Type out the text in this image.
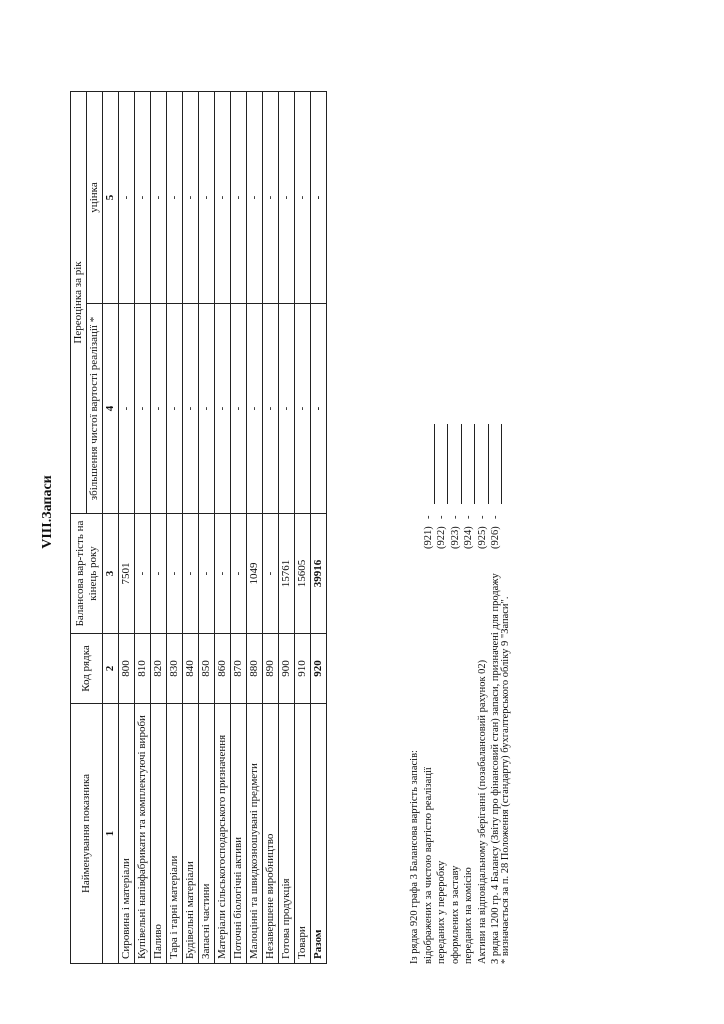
VIII.Запаси
Найменування показника	Код рядка	Балансова вар-тість на кінець року	Переоцінка за рік	
			збільшення чистої вартості реалізації *	уцінка
1	2	3	4	5
Сировина і матеріали	800	7501	-	-
Купівельні напівфабрикати та комплектуючі вироби	810	-	-	-
Паливо	820	-	-	-
Тара і тарні матеріали	830	-	-	-
Будівельні матеріали	840	-	-	-
Запасні частини	850	-	-	-
Матеріали сільськогосподарського призначення	860	-	-	-
Поточні біологічні активи	870	-	-	-
Малоцінні та швидкозношувані предмети	880	1049	-	-
Незавершене виробництво	890	-	-	-
Готова продукція	900	15761	-	-
Товари	910	15605	-	-
Разом	920	39916	-	-
Із рядка 920 графа 3 Балансова вартість запасів: відображених за чистою вартістю реалізації
(921)
-
переданих у переробку
(922)
-
оформлених в заставу
(923)
-
переданих на комісію
(924)
-
Активи на відповідальному зберіганні (позабалансовий рахунок 02)
(925)
-
З рядка 1200 гр. 4 Балансу (Звіту про фінансовий стан) запаси, призначені для продажу
(926)
-
* визначається за п. 28 Положення (стандарту) бухгалтерського обліку 9 "Запаси".
